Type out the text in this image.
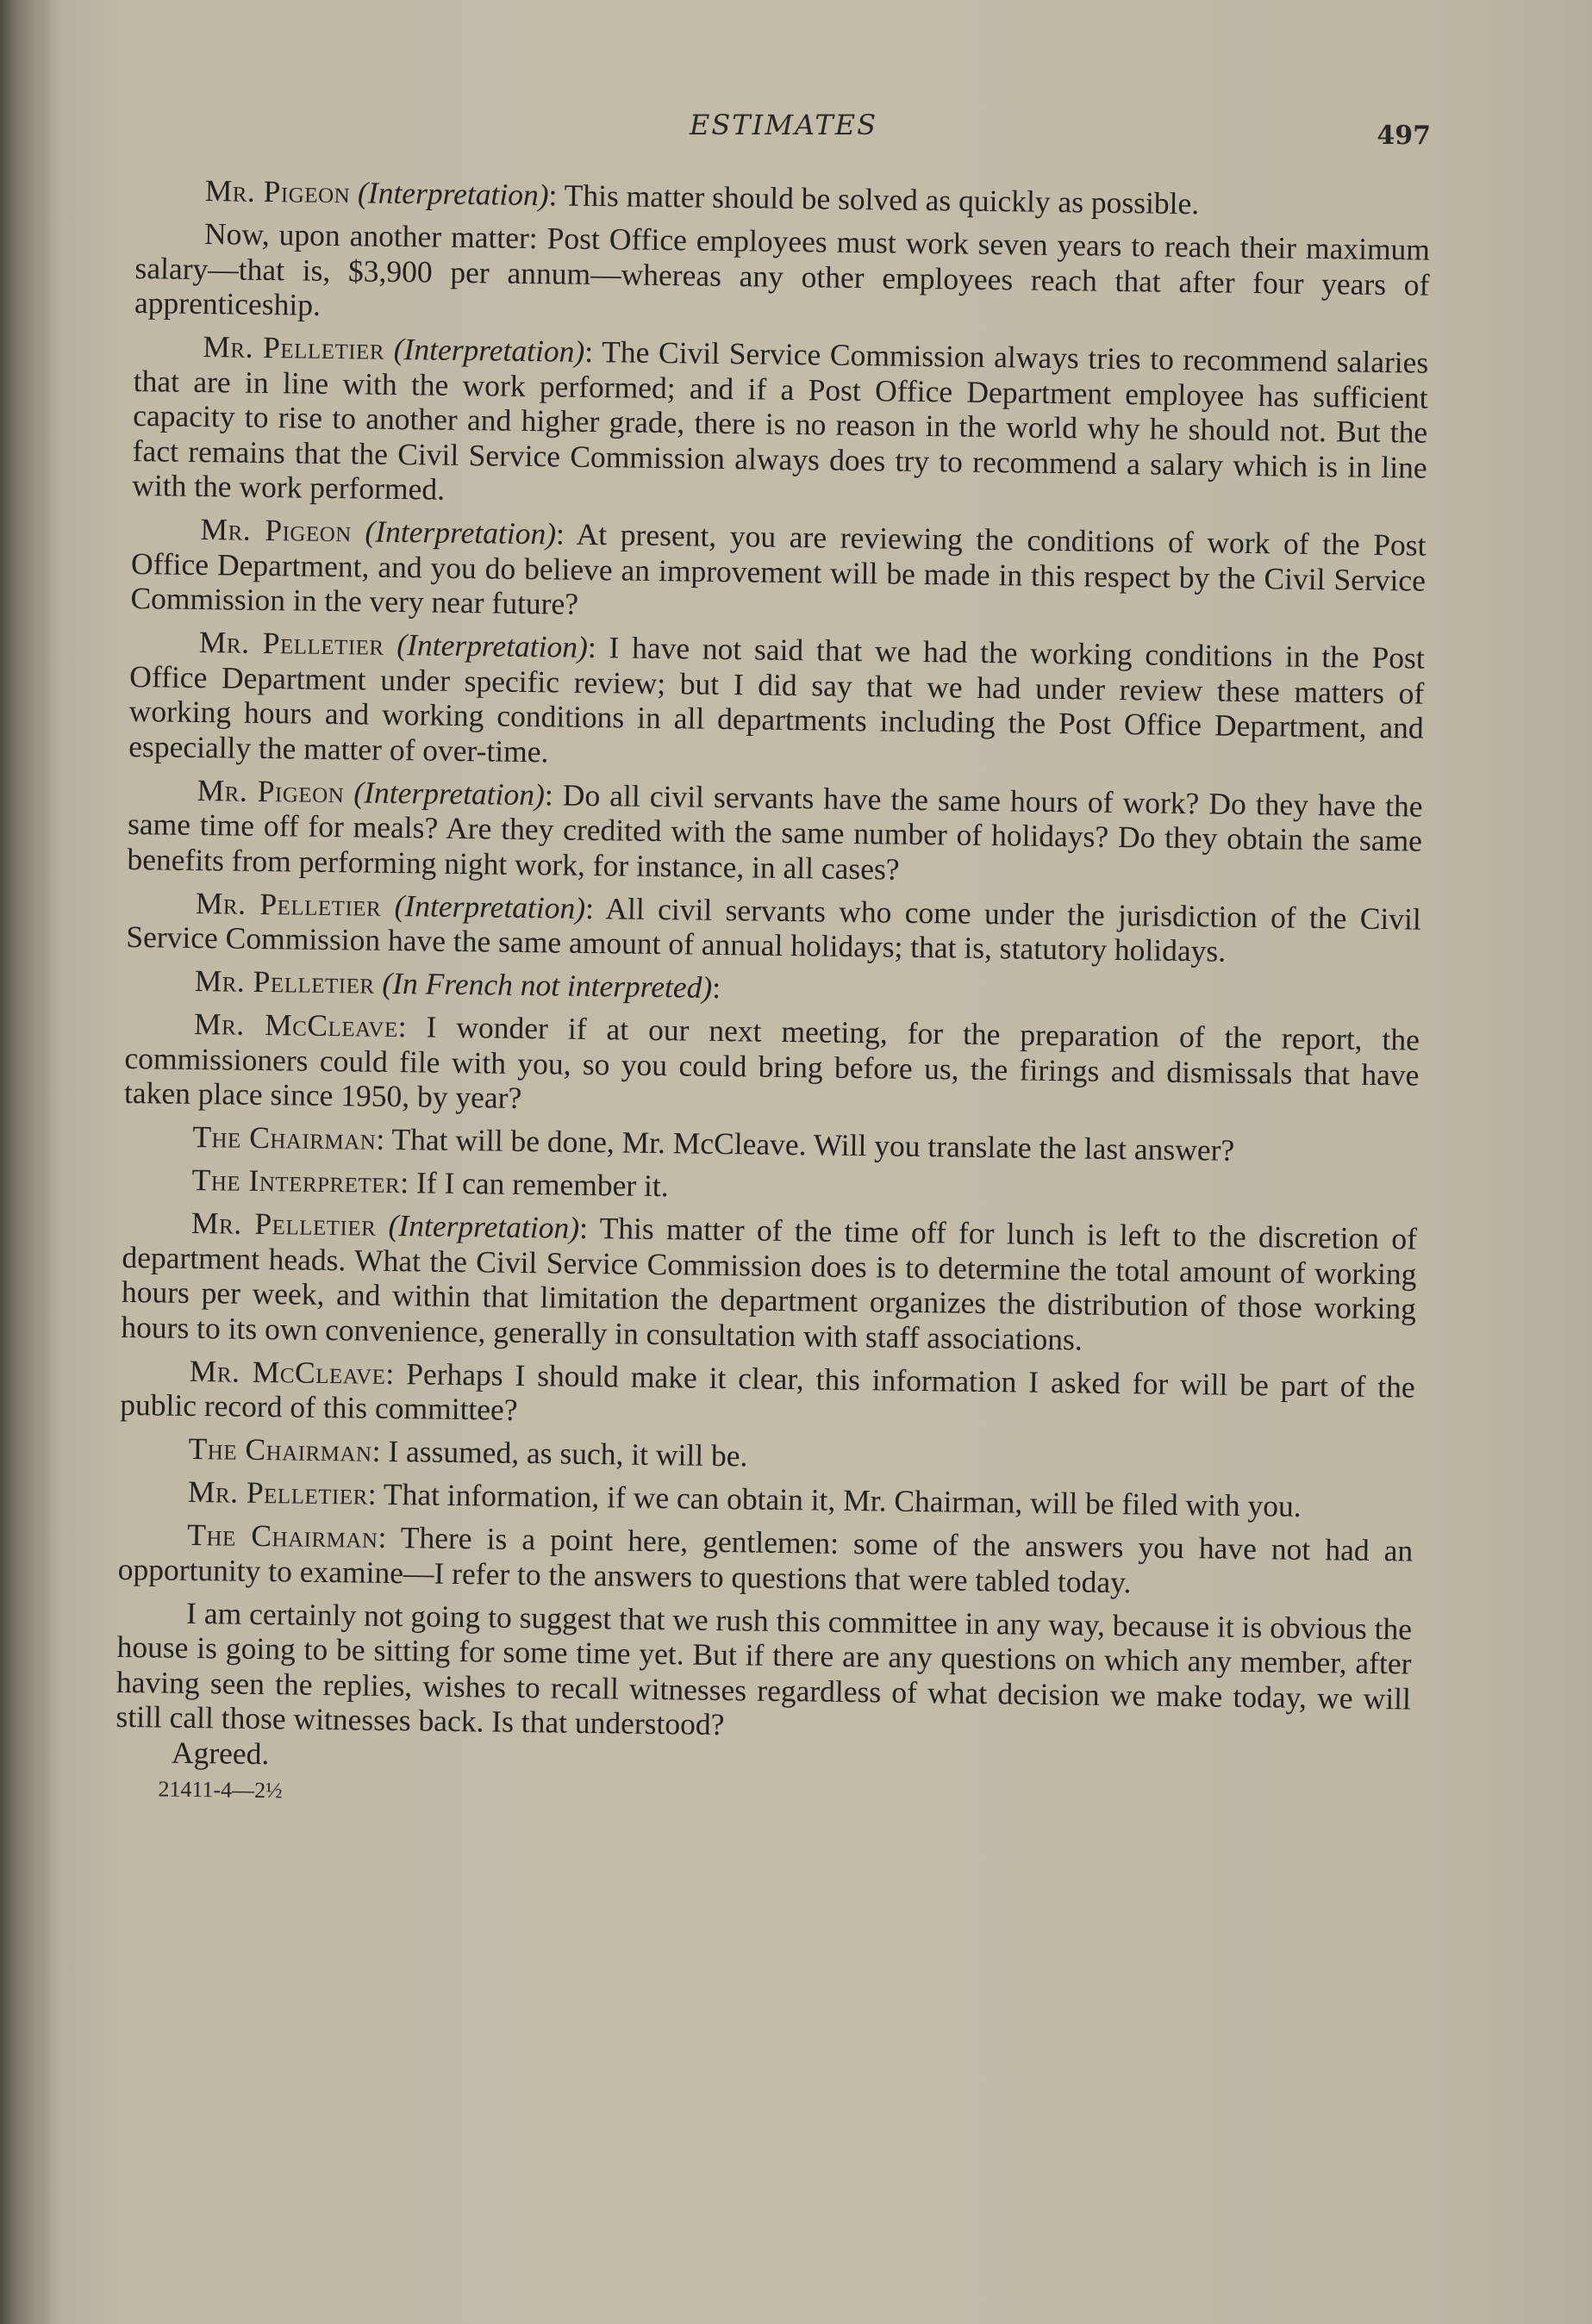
ESTIMATES	497

Mr. Pigeon (Interpretation): This matter should be solved as quickly as possible.

Now, upon another matter: Post Office employees must work seven years to reach their maximum salary—that is, $3,900 per annum—whereas any other employees reach that after four years of apprenticeship.

Mr. Pelletier (Interpretation): The Civil Service Commission always tries to recommend salaries that are in line with the work performed; and if a Post Office Department employee has sufficient capacity to rise to another and higher grade, there is no reason in the world why he should not. But the fact remains that the Civil Service Commission always does try to recommend a salary which is in line with the work performed.

Mr. Pigeon (Interpretation): At present, you are reviewing the conditions of work of the Post Office Department, and you do believe an improvement will be made in this respect by the Civil Service Commission in the very near future?

Mr. Pelletier (Interpretation): I have not said that we had the working conditions in the Post Office Department under specific review; but I did say that we had under review these matters of working hours and working conditions in all departments including the Post Office Department, and especially the matter of over-time.

Mr. Pigeon (Interpretation): Do all civil servants have the same hours of work? Do they have the same time off for meals? Are they credited with the same number of holidays? Do they obtain the same benefits from performing night work, for instance, in all cases?

Mr. Pelletier (Interpretation): All civil servants who come under the jurisdiction of the Civil Service Commission have the same amount of annual holidays; that is, statutory holidays.

Mr. Pelletier (In French not interpreted):

Mr. McCleave: I wonder if at our next meeting, for the preparation of the report, the commissioners could file with you, so you could bring before us, the firings and dismissals that have taken place since 1950, by year?

The Chairman: That will be done, Mr. McCleave. Will you translate the last answer?

The Interpreter: If I can remember it.

Mr. Pelletier (Interpretation): This matter of the time off for lunch is left to the discretion of department heads. What the Civil Service Commission does is to determine the total amount of working hours per week, and within that limitation the department organizes the distribution of those working hours to its own convenience, generally in consultation with staff associations.

Mr. McCleave: Perhaps I should make it clear, this information I asked for will be part of the public record of this committee?

The Chairman: I assumed, as such, it will be.

Mr. Pelletier: That information, if we can obtain it, Mr. Chairman, will be filed with you.

The Chairman: There is a point here, gentlemen: some of the answers you have not had an opportunity to examine—I refer to the answers to questions that were tabled today.

I am certainly not going to suggest that we rush this committee in any way, because it is obvious the house is going to be sitting for some time yet. But if there are any questions on which any member, after having seen the replies, wishes to recall witnesses regardless of what decision we make today, we will still call those witnesses back. Is that understood?

Agreed.

21411-4—2½
